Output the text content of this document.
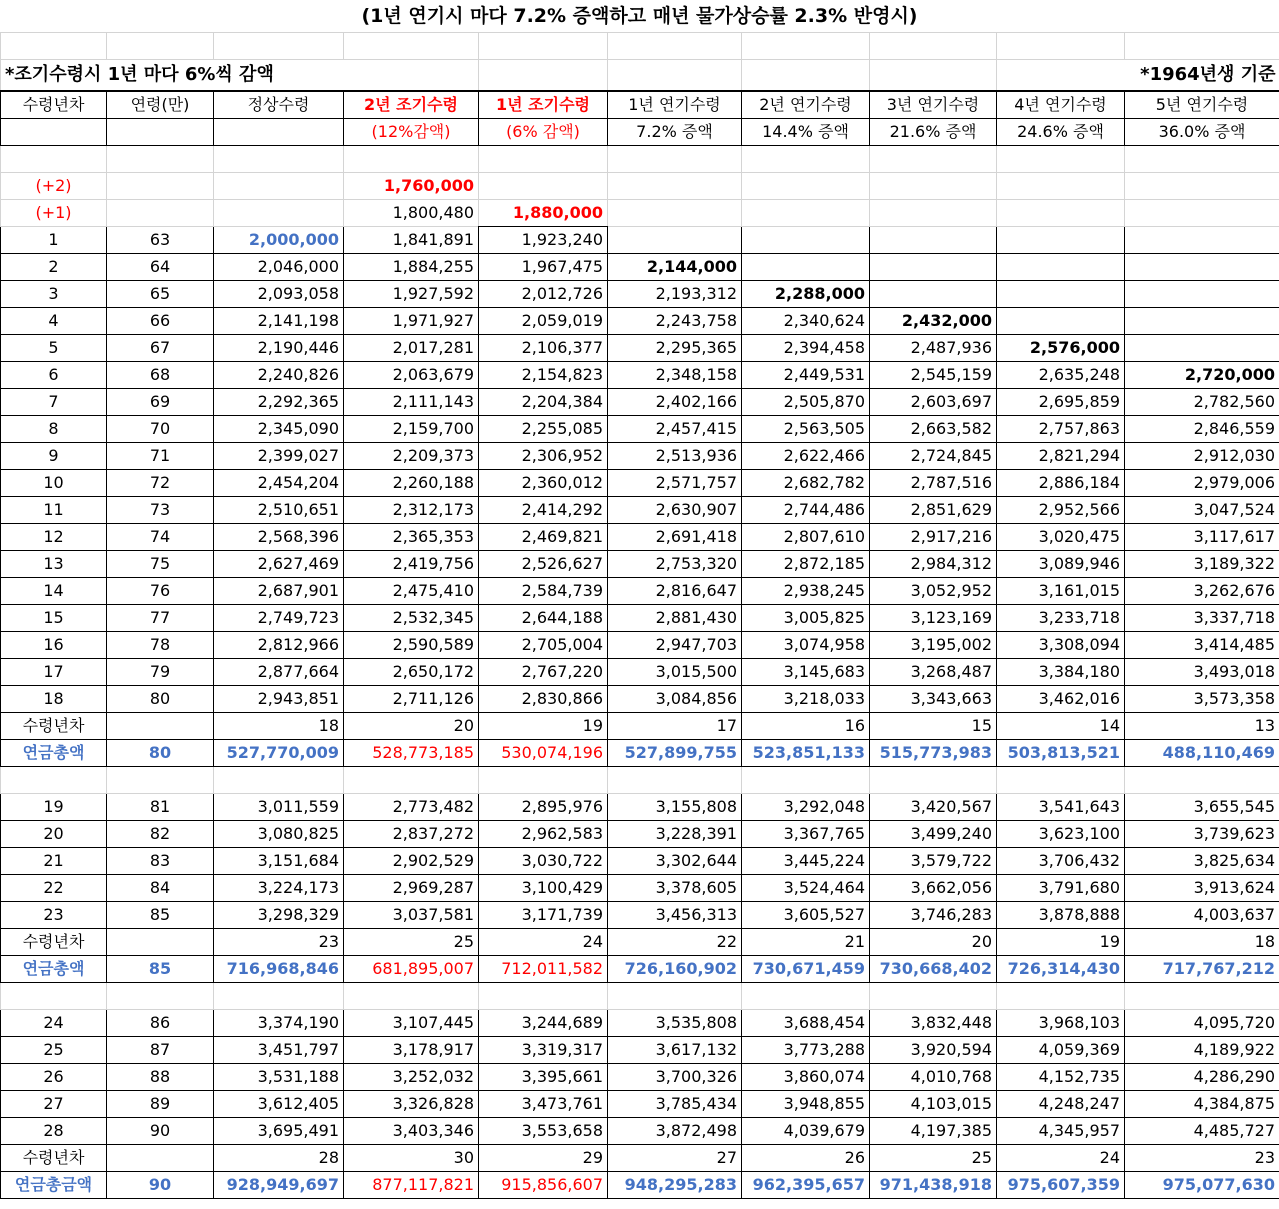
(1년 연기시 마다 7.2% 증액하고 매년 물가상승률 2.3% 반영시)

*조기수령시 1년 마다 6%씩 감액								*1964년생 기준	
수령년차	연령(만)	정상수령	2년 조기수령	1년 조기수령	1년 연기수령	2년 연기수령	3년 연기수령	4년 연기수령	5년 연기수령
			(12%감액)	(6% 감액)	7.2% 증액	14.4% 증액	21.6% 증액	24.6% 증액	36.0% 증액

(+2)			1,760,000						
(+1)			1,800,480	1,880,000					
1	63	2,000,000	1,841,891	1,923,240					
2	64	2,046,000	1,884,255	1,967,475	2,144,000				
3	65	2,093,058	1,927,592	2,012,726	2,193,312	2,288,000			
4	66	2,141,198	1,971,927	2,059,019	2,243,758	2,340,624	2,432,000		
5	67	2,190,446	2,017,281	2,106,377	2,295,365	2,394,458	2,487,936	2,576,000	
6	68	2,240,826	2,063,679	2,154,823	2,348,158	2,449,531	2,545,159	2,635,248	2,720,000
7	69	2,292,365	2,111,143	2,204,384	2,402,166	2,505,870	2,603,697	2,695,859	2,782,560
8	70	2,345,090	2,159,700	2,255,085	2,457,415	2,563,505	2,663,582	2,757,863	2,846,559
9	71	2,399,027	2,209,373	2,306,952	2,513,936	2,622,466	2,724,845	2,821,294	2,912,030
10	72	2,454,204	2,260,188	2,360,012	2,571,757	2,682,782	2,787,516	2,886,184	2,979,006
11	73	2,510,651	2,312,173	2,414,292	2,630,907	2,744,486	2,851,629	2,952,566	3,047,524
12	74	2,568,396	2,365,353	2,469,821	2,691,418	2,807,610	2,917,216	3,020,475	3,117,617
13	75	2,627,469	2,419,756	2,526,627	2,753,320	2,872,185	2,984,312	3,089,946	3,189,322
14	76	2,687,901	2,475,410	2,584,739	2,816,647	2,938,245	3,052,952	3,161,015	3,262,676
15	77	2,749,723	2,532,345	2,644,188	2,881,430	3,005,825	3,123,169	3,233,718	3,337,718
16	78	2,812,966	2,590,589	2,705,004	2,947,703	3,074,958	3,195,002	3,308,094	3,414,485
17	79	2,877,664	2,650,172	2,767,220	3,015,500	3,145,683	3,268,487	3,384,180	3,493,018
18	80	2,943,851	2,711,126	2,830,866	3,084,856	3,218,033	3,343,663	3,462,016	3,573,358
수령년차		18	20	19	17	16	15	14	13
연금총액	80	527,770,009	528,773,185	530,074,196	527,899,755	523,851,133	515,773,983	503,813,521	488,110,469

19	81	3,011,559	2,773,482	2,895,976	3,155,808	3,292,048	3,420,567	3,541,643	3,655,545
20	82	3,080,825	2,837,272	2,962,583	3,228,391	3,367,765	3,499,240	3,623,100	3,739,623
21	83	3,151,684	2,902,529	3,030,722	3,302,644	3,445,224	3,579,722	3,706,432	3,825,634
22	84	3,224,173	2,969,287	3,100,429	3,378,605	3,524,464	3,662,056	3,791,680	3,913,624
23	85	3,298,329	3,037,581	3,171,739	3,456,313	3,605,527	3,746,283	3,878,888	4,003,637
수령년차		23	25	24	22	21	20	19	18
연금총액	85	716,968,846	681,895,007	712,011,582	726,160,902	730,671,459	730,668,402	726,314,430	717,767,212

24	86	3,374,190	3,107,445	3,244,689	3,535,808	3,688,454	3,832,448	3,968,103	4,095,720
25	87	3,451,797	3,178,917	3,319,317	3,617,132	3,773,288	3,920,594	4,059,369	4,189,922
26	88	3,531,188	3,252,032	3,395,661	3,700,326	3,860,074	4,010,768	4,152,735	4,286,290
27	89	3,612,405	3,326,828	3,473,761	3,785,434	3,948,855	4,103,015	4,248,247	4,384,875
28	90	3,695,491	3,403,346	3,553,658	3,872,498	4,039,679	4,197,385	4,345,957	4,485,727
수령년차		28	30	29	27	26	25	24	23
연금총금액	90	928,949,697	877,117,821	915,856,607	948,295,283	962,395,657	971,438,918	975,607,359	975,077,630
